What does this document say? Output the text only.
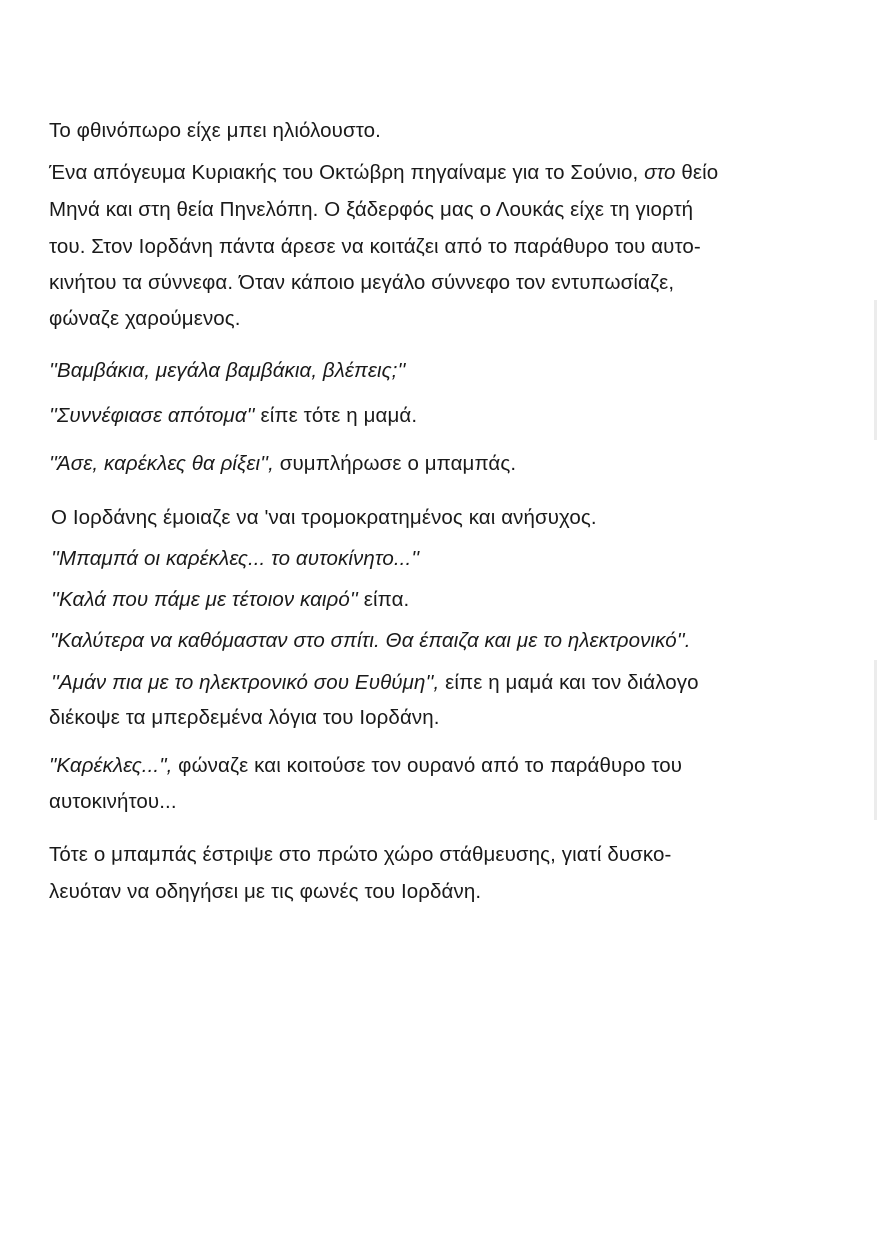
Το φθινόπωρο είχε μπει ηλιόλουστο.
Ένα απόγευμα Κυριακής του Οκτώβρη πηγαίναμε για το Σούνιο, στο θείο
Μηνά και στη θεία Πηνελόπη. Ο ξάδερφός μας ο Λουκάς είχε τη γιορτή
του. Στον Ιορδάνη πάντα άρεσε να κοιτάζει από το παράθυρο του αυτο-
κινήτου τα σύννεφα. Όταν κάποιο μεγάλο σύννεφο τον εντυπωσίαζε,
φώναζε χαρούμενος.
''Βαμβάκια, μεγάλα βαμβάκια, βλέπεις;''
''Συννέφιασε απότομα'' είπε τότε η μαμά.
''Άσε, καρέκλες θα ρίξει'', συμπλήρωσε ο μπαμπάς.
Ο Ιορδάνης έμοιαζε να 'ναι τρομοκρατημένος και ανήσυχος.
''Μπαμπά οι καρέκλες... το αυτοκίνητο...''
''Καλά που πάμε με τέτοιον καιρό'' είπα.
"Καλύτερα να καθόμασταν στο σπίτι. Θα έπαιζα και με το ηλεκτρονικό''.
''Αμάν πια με το ηλεκτρονικό σου Ευθύμη'', είπε η μαμά και τον διάλογο
διέκοψε τα μπερδεμένα λόγια του Ιορδάνη.
"Καρέκλες...", φώναζε και κοιτούσε τον ουρανό από το παράθυρο του
αυτοκινήτου...
Τότε ο μπαμπάς έστριψε στο πρώτο χώρο στάθμευσης, γιατί δυσκο-
λευόταν να οδηγήσει με τις φωνές του Ιορδάνη.
